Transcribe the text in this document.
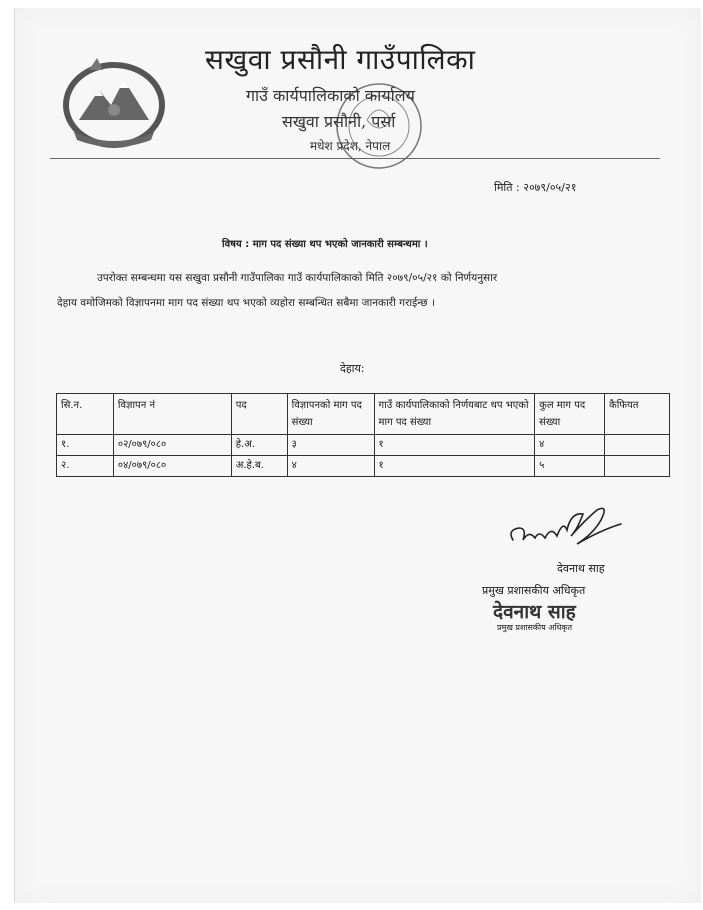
सखुवा प्रसौनी गाउँपालिका
गाउँ कार्यपालिकाको कार्यालय
सखुवा प्रसौनी, पर्सा
मधेश प्रदेश, नेपाल
मिति : २०७९/०५/२१
विषय : माग पद संख्या थप भएको जानकारी सम्बन्धमा ।
उपरोक्त सम्बन्धमा यस सखुवा प्रसौनी गाउँपालिका गाउँ कार्यपालिकाको मिति २०७९/०५/२१ को निर्णयनुसार
देहाय वमोजिमको विज्ञापनमा माग पद संख्या थप भएको व्यहोरा सम्बन्धित सबैमा जानकारी गराईन्छ ।
देहाय:
सि.न.	विज्ञापन नं	पद	विज्ञापनको माग पद संख्या	गाउँ कार्यपालिकाको निर्णयबाट थप भएको माग पद संख्या	कुल माग पद संख्या	कैफियत
१.	०२/०७९/०८०	हे.अ.	३	१	४	
२.	०४/०७९/०८०	अ.हे.ब.	४	१	५	
देवनाथ साह
प्रमुख प्रशासकीय अधिकृत
देवनाथ साह
प्रमुख प्रशासकीय अधिकृत
